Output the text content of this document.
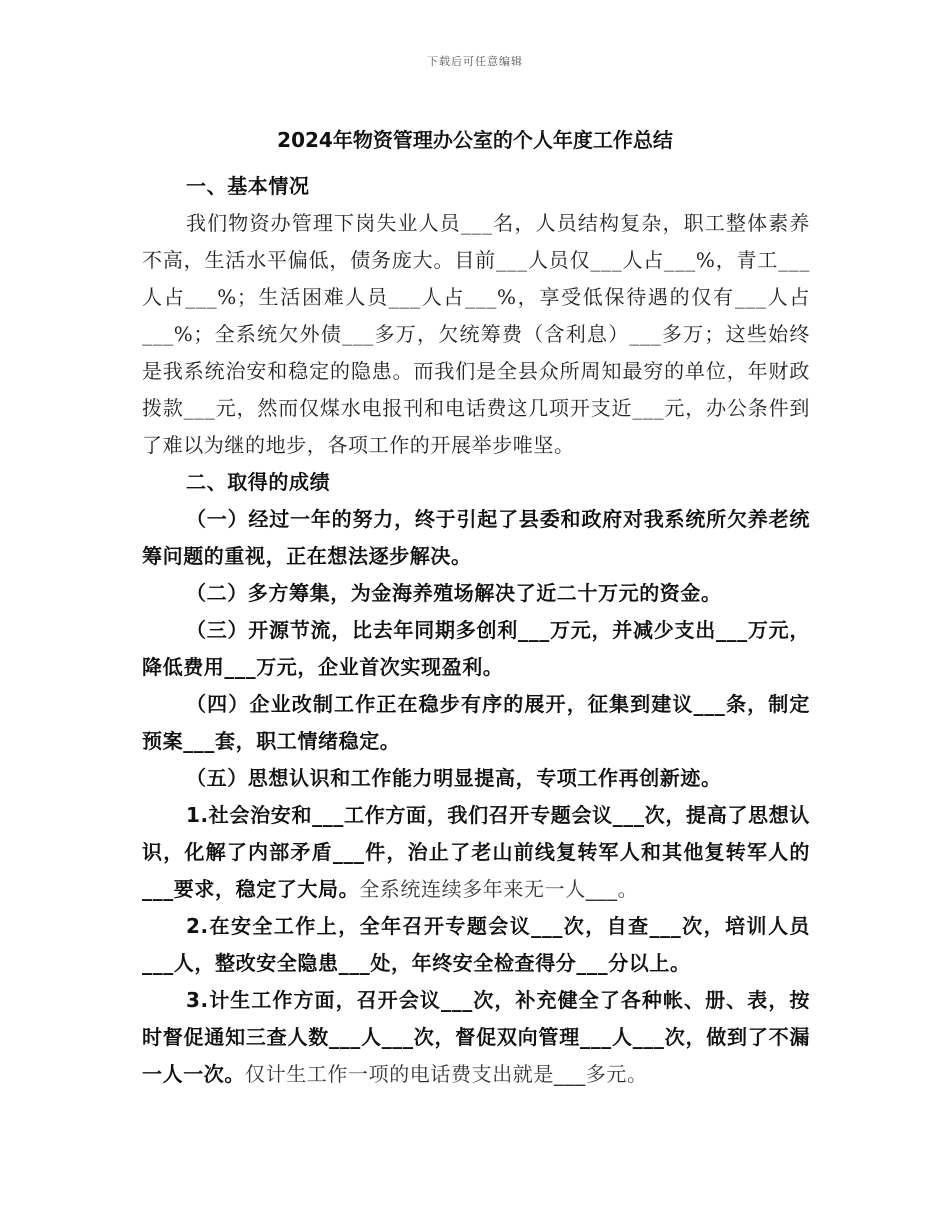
下载后可任意编辑
2024年物资管理办公室的个人年度工作总结

一、基本情况

我们物资办管理下岗失业人员___名，人员结构复杂，职工整体素养不高，生活水平偏低，债务庞大。目前___人员仅___人占___%，青工___人占___%；生活困难人员___人占___%，享受低保待遇的仅有___人占___%；全系统欠外债___多万，欠统筹费（含利息）___多万；这些始终是我系统治安和稳定的隐患。而我们是全县众所周知最穷的单位，年财政拨款___元，然而仅煤水电报刊和电话费这几项开支近___元，办公条件到了难以为继的地步，各项工作的开展举步唯坚。

二、取得的成绩

（一）经过一年的努力，终于引起了县委和政府对我系统所欠养老统筹问题的重视，正在想法逐步解决。

（二）多方筹集，为金海养殖场解决了近二十万元的资金。

（三）开源节流，比去年同期多创利___万元，并减少支出___万元，降低费用___万元，企业首次实现盈利。

（四）企业改制工作正在稳步有序的展开，征集到建议___条，制定预案___套，职工情绪稳定。

（五）思想认识和工作能力明显提高，专项工作再创新迹。

1.社会治安和___工作方面，我们召开专题会议___次，提高了思想认识，化解了内部矛盾___件，治止了老山前线复转军人和其他复转军人的___要求，稳定了大局。全系统连续多年来无一人___。

2.在安全工作上，全年召开专题会议___次，自查___次，培训人员___人，整改安全隐患___处，年终安全检查得分___分以上。

3.计生工作方面，召开会议___次，补充健全了各种帐、册、表，按时督促通知三查人数___人___次，督促双向管理___人___次，做到了不漏一人一次。仅计生工作一项的电话费支出就是___多元。
